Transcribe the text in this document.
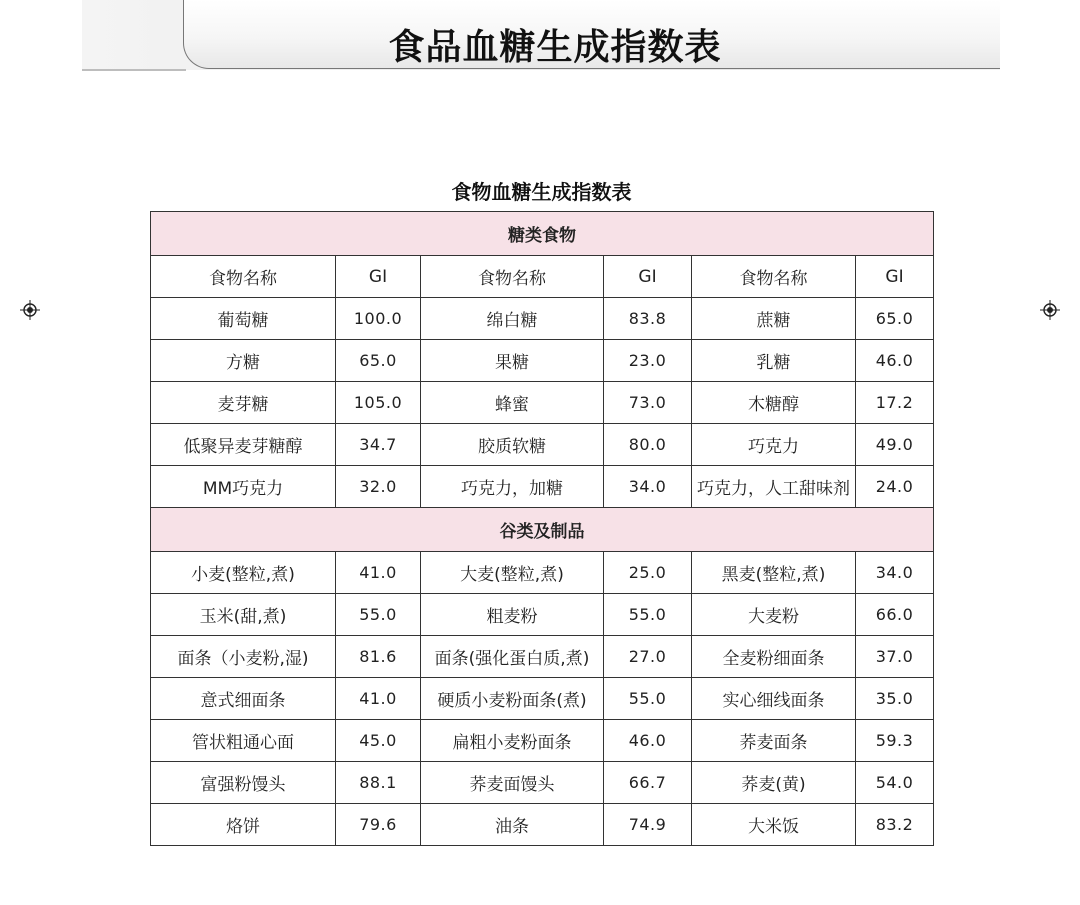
食品血糖生成指数表
食物血糖生成指数表
糖类食物					
食物名称	GI	食物名称	GI	食物名称	GI
葡萄糖	100.0	绵白糖	83.8	蔗糖	65.0
方糖	65.0	果糖	23.0	乳糖	46.0
麦芽糖	105.0	蜂蜜	73.0	木糖醇	17.2
低聚异麦芽糖醇	34.7	胶质软糖	80.0	巧克力	49.0
MM巧克力	32.0	巧克力，加糖	34.0	巧克力，人工甜味剂	24.0
谷类及制品					
小麦(整粒,煮)	41.0	大麦(整粒,煮)	25.0	黑麦(整粒,煮)	34.0
玉米(甜,煮)	55.0	粗麦粉	55.0	大麦粉	66.0
面条（小麦粉,湿)	81.6	面条(强化蛋白质,煮)	27.0	全麦粉细面条	37.0
意式细面条	41.0	硬质小麦粉面条(煮)	55.0	实心细线面条	35.0
管状粗通心面	45.0	扁粗小麦粉面条	46.0	荞麦面条	59.3
富强粉馒头	88.1	荞麦面馒头	66.7	荞麦(黄)	54.0
烙饼	79.6	油条	74.9	大米饭	83.2
